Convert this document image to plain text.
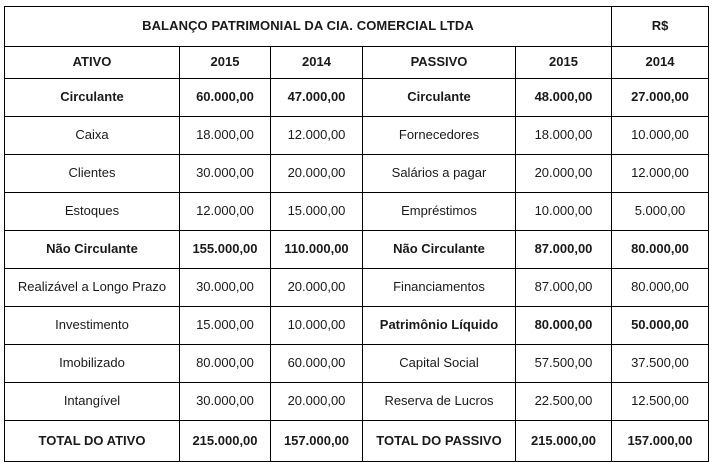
BALANÇO PATRIMONIAL DA CIA. COMERCIAL LTDA					R$
ATIVO	2015	2014	PASSIVO	2015	2014
Circulante	60.000,00	47.000,00	Circulante	48.000,00	27.000,00
Caixa	18.000,00	12.000,00	Fornecedores	18.000,00	10.000,00
Clientes	30.000,00	20.000,00	Salários a pagar	20.000,00	12.000,00
Estoques	12.000,00	15.000,00	Empréstimos	10.000,00	5.000,00
Não Circulante	155.000,00	110.000,00	Não Circulante	87.000,00	80.000,00
Realizável a Longo Prazo	30.000,00	20.000,00	Financiamentos	87.000,00	80.000,00
Investimento	15.000,00	10.000,00	Patrimônio Líquido	80.000,00	50.000,00
Imobilizado	80.000,00	60.000,00	Capital Social	57.500,00	37.500,00
Intangível	30.000,00	20.000,00	Reserva de Lucros	22.500,00	12.500,00
TOTAL DO ATIVO	215.000,00	157.000,00	TOTAL DO PASSIVO	215.000,00	157.000,00
